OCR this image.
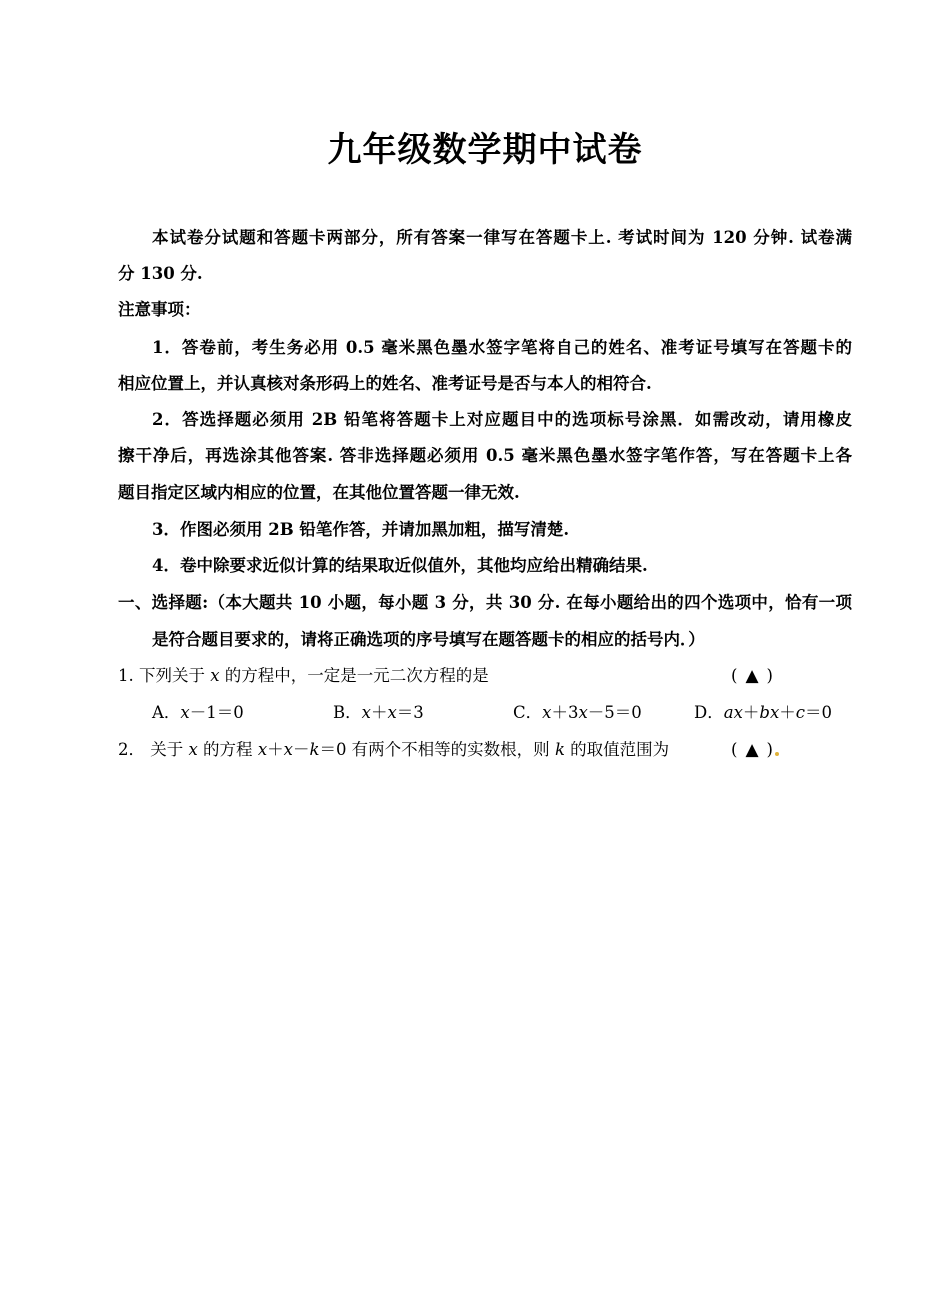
九年级数学期中试卷
本试卷分试题和答题卡两部分，所有答案一律写在答题卡上. 考试时间为 120 分钟. 试卷满
分 130 分.
注意事项：
1．答卷前，考生务必用 0.5 毫米黑色墨水签字笔将自己的姓名、准考证号填写在答题卡的
相应位置上，并认真核对条形码上的姓名、准考证号是否与本人的相符合.
2．答选择题必须用 2B 铅笔将答题卡上对应题目中的选项标号涂黑．如需改动，请用橡皮
擦干净后，再选涂其他答案. 答非选择题必须用 0.5 毫米黑色墨水签字笔作答，写在答题卡上各
题目指定区域内相应的位置，在其他位置答题一律无效.
3．作图必须用 2B 铅笔作答，并请加黑加粗，描写清楚.
4．卷中除要求近似计算的结果取近似值外，其他均应给出精确结果.
一、选择题:（本大题共 10 小题，每小题 3 分，共 30 分. 在每小题给出的四个选项中，恰有一项
是符合题目要求的，请将正确选项的序号填写在题答题卡的相应的括号内．）
1. 下列关于 x 的方程中，一定是一元二次方程的是	( ▲ )
A．x－1＝0	B．x＋x＝3	C．x＋3x－5＝0	D．ax＋bx＋c＝0
2． 关于 x 的方程 x＋x－k＝0 有两个不相等的实数根，则 k 的取值范围为	( ▲ )
